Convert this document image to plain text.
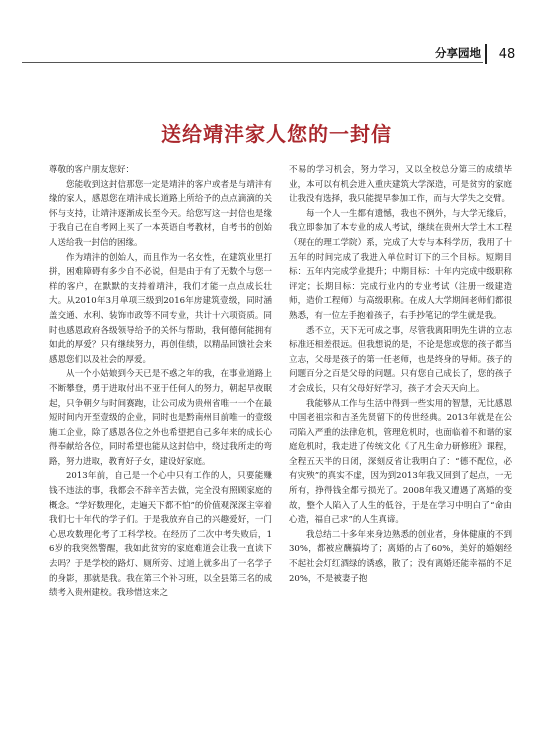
分享园地	48
送给靖沣家人您的一封信

尊敬的客户朋友您好：

您能收到这封信那您一定是靖沣的客户或者是与靖沣有缘的家人，感恩您在靖沣成长道路上所给予的点点滴滴的关怀与支持，让靖沣逐渐成长至今天。给您写这一封信也是缘于我自己在自考网上买了一本英语自考教材，自考书的创始人送给我一封信的困缘。

作为靖沣的创始人，而且作为一名女性，在建筑业里打拼，困难障碍有多少自不必说，但是由于有了无数个与您一样的客户，在默默的支持着靖沣，我们才能一点点成长壮大。从2010年3月单项三级到2016年房建筑壹级，同时涵盖交通、水利、装饰市政等不同专业，共计十六项资质。同时也感恩政府各级领导给予的关怀与帮助，我何德何能拥有如此的厚爱？只有继续努力，再创佳绩，以精品回馈社会来感恩您们以及社会的厚爱。

从一个小姑娘到今天已是不惑之年的我，在事业道路上不断攀登，勇于进取付出不亚于任何人的努力，朝起早夜眠起，只争朝夕与时间赛跑，让公司成为贵州省唯一一个在最短时间内开至壹级的企业，同时也是黔南州目前唯一的壹级施工企业，除了感恩各位之外也希望把自己多年来的成长心得奉献给各位，同时希望也能从这封信中，绕过我所走的弯路，努力进取，教育好子女，建设好家庭。

2013年前，自己是一个心中只有工作的人，只要能赚钱不违法的事，我都会不辞辛苦去做，完全没有照顾家庭的概念。“学好数理化，走遍天下都不怕”的价值观深深主宰着我们七十年代的学子们。于是我放弃自己的兴趣爱好，一门心思攻数理化考了工科学校。在经历了二次中考失败后，16岁的我突然警醒，我如此贫穷的家庭难道会让我一直读下去吗？于是学校的路灯、厕所旁、过道上就多出了一名学子的身影，那就是我。我在第三个补习班，以全县第三名的成绩考入贵州建校。我珍惜这来之

不易的学习机会，努力学习，又以全校总分第三的成绩毕业，本可以有机会进入重庆建筑大学深造，可是贫穷的家庭让我没有选择，我只能提早参加工作，而与大学失之交臂。

每一个人一生都有遗憾，我也不例外，与大学无缘后，我立即参加了本专业的成人考试，继续在贵州大学土木工程（现在的理工学院）系，完成了大专与本科学历，我用了十五年的时间完成了我进入单位时订下的三个目标。短期目标：五年内完成学业提升；中期目标：十年内完成中级职称评定；长期目标：完成行业内的专业考试（注册一级建造师，造价工程师）与高级职称。在成人大学期间老师们都很熟悉，有一位左手抱着孩子，右手抄笔记的学生就是我。

悉不立，天下无可成之事，尽管我离阳明先生讲的立志标准还相差很远。但我想说的是，不论是您或您的孩子都当立志，父母是孩子的第一任老师，也是终身的导师。孩子的问题百分之百是父母的问题。只有您自己成长了，您的孩子才会成长，只有父母好好学习，孩子才会天天向上。

我能够从工作与生活中得到一些实用的智慧，无比感恩中国老祖宗和吉圣先贤留下的传世经典。2013年就是在公司陷入严重的法律危机，管理危机时，也面临着不和谐的家庭危机时，我走进了传统文化《了凡生命力研修班》课程，全程五天半的日闭，深刻反省让我明白了：“德不配位，必有灾殃”的真实不虚，因为到2013年我又回到了起点，一无所有，挣得钱全都亏损光了。2008年我又遭遇了离婚的变故，整个人陷入了人生的低谷，于是在学习中明白了“命由心造，福自己求”的人生真谛。

我总结二十多年来身边熟悉的创业者，身体健康的不到30%，都被应酬搞垮了；离婚的占了60%，美好的婚姻经不起社会灯红酒绿的诱惑，散了；没有离婚还能幸福的不足20%，不是被妻子抱
